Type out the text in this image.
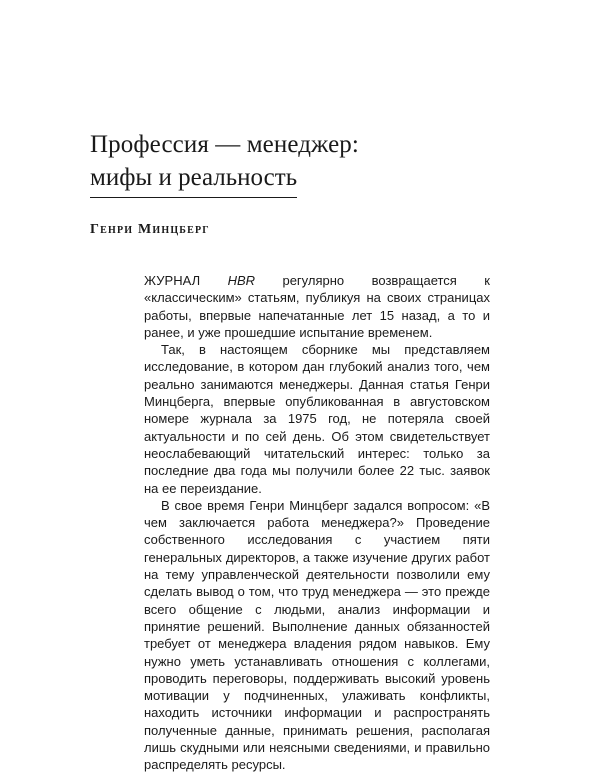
Профессия — менеджер:
мифы и реальность
Генри Минцберг

ЖУРНАЛ HBR регулярно возвращается к «классическим» статьям, публикуя на своих страницах работы, впервые напечатанные лет 15 назад, а то и ранее, и уже прошедшие испытание временем.

Так, в настоящем сборнике мы представляем исследование, в котором дан глубокий анализ того, чем реально занимаются менеджеры. Данная статья Генри Минцберга, впервые опубликованная в августовском номере журнала за 1975 год, не потеряла своей актуальности и по сей день. Об этом свидетельствует неослабевающий читательский интерес: только за последние два года мы получили более 22 тыс. заявок на ее переиздание.

В свое время Генри Минцберг задался вопросом: «В чем заключается работа менеджера?» Проведение собственного исследования с участием пяти генеральных директоров, а также изучение других работ на тему управленческой деятельности позволили ему сделать вывод о том, что труд менеджера — это прежде всего общение с людьми, анализ информации и принятие решений. Выполнение данных обязанностей требует от менеджера владения рядом навыков. Ему нужно уметь устанавливать отношения с коллегами, проводить переговоры, поддерживать высокий уровень мотивации у подчиненных, улаживать конфликты, находить источники информации и распространять полученные данные, принимать решения, располагая лишь скудными или неясными сведениями, и правильно распределять ресурсы.
